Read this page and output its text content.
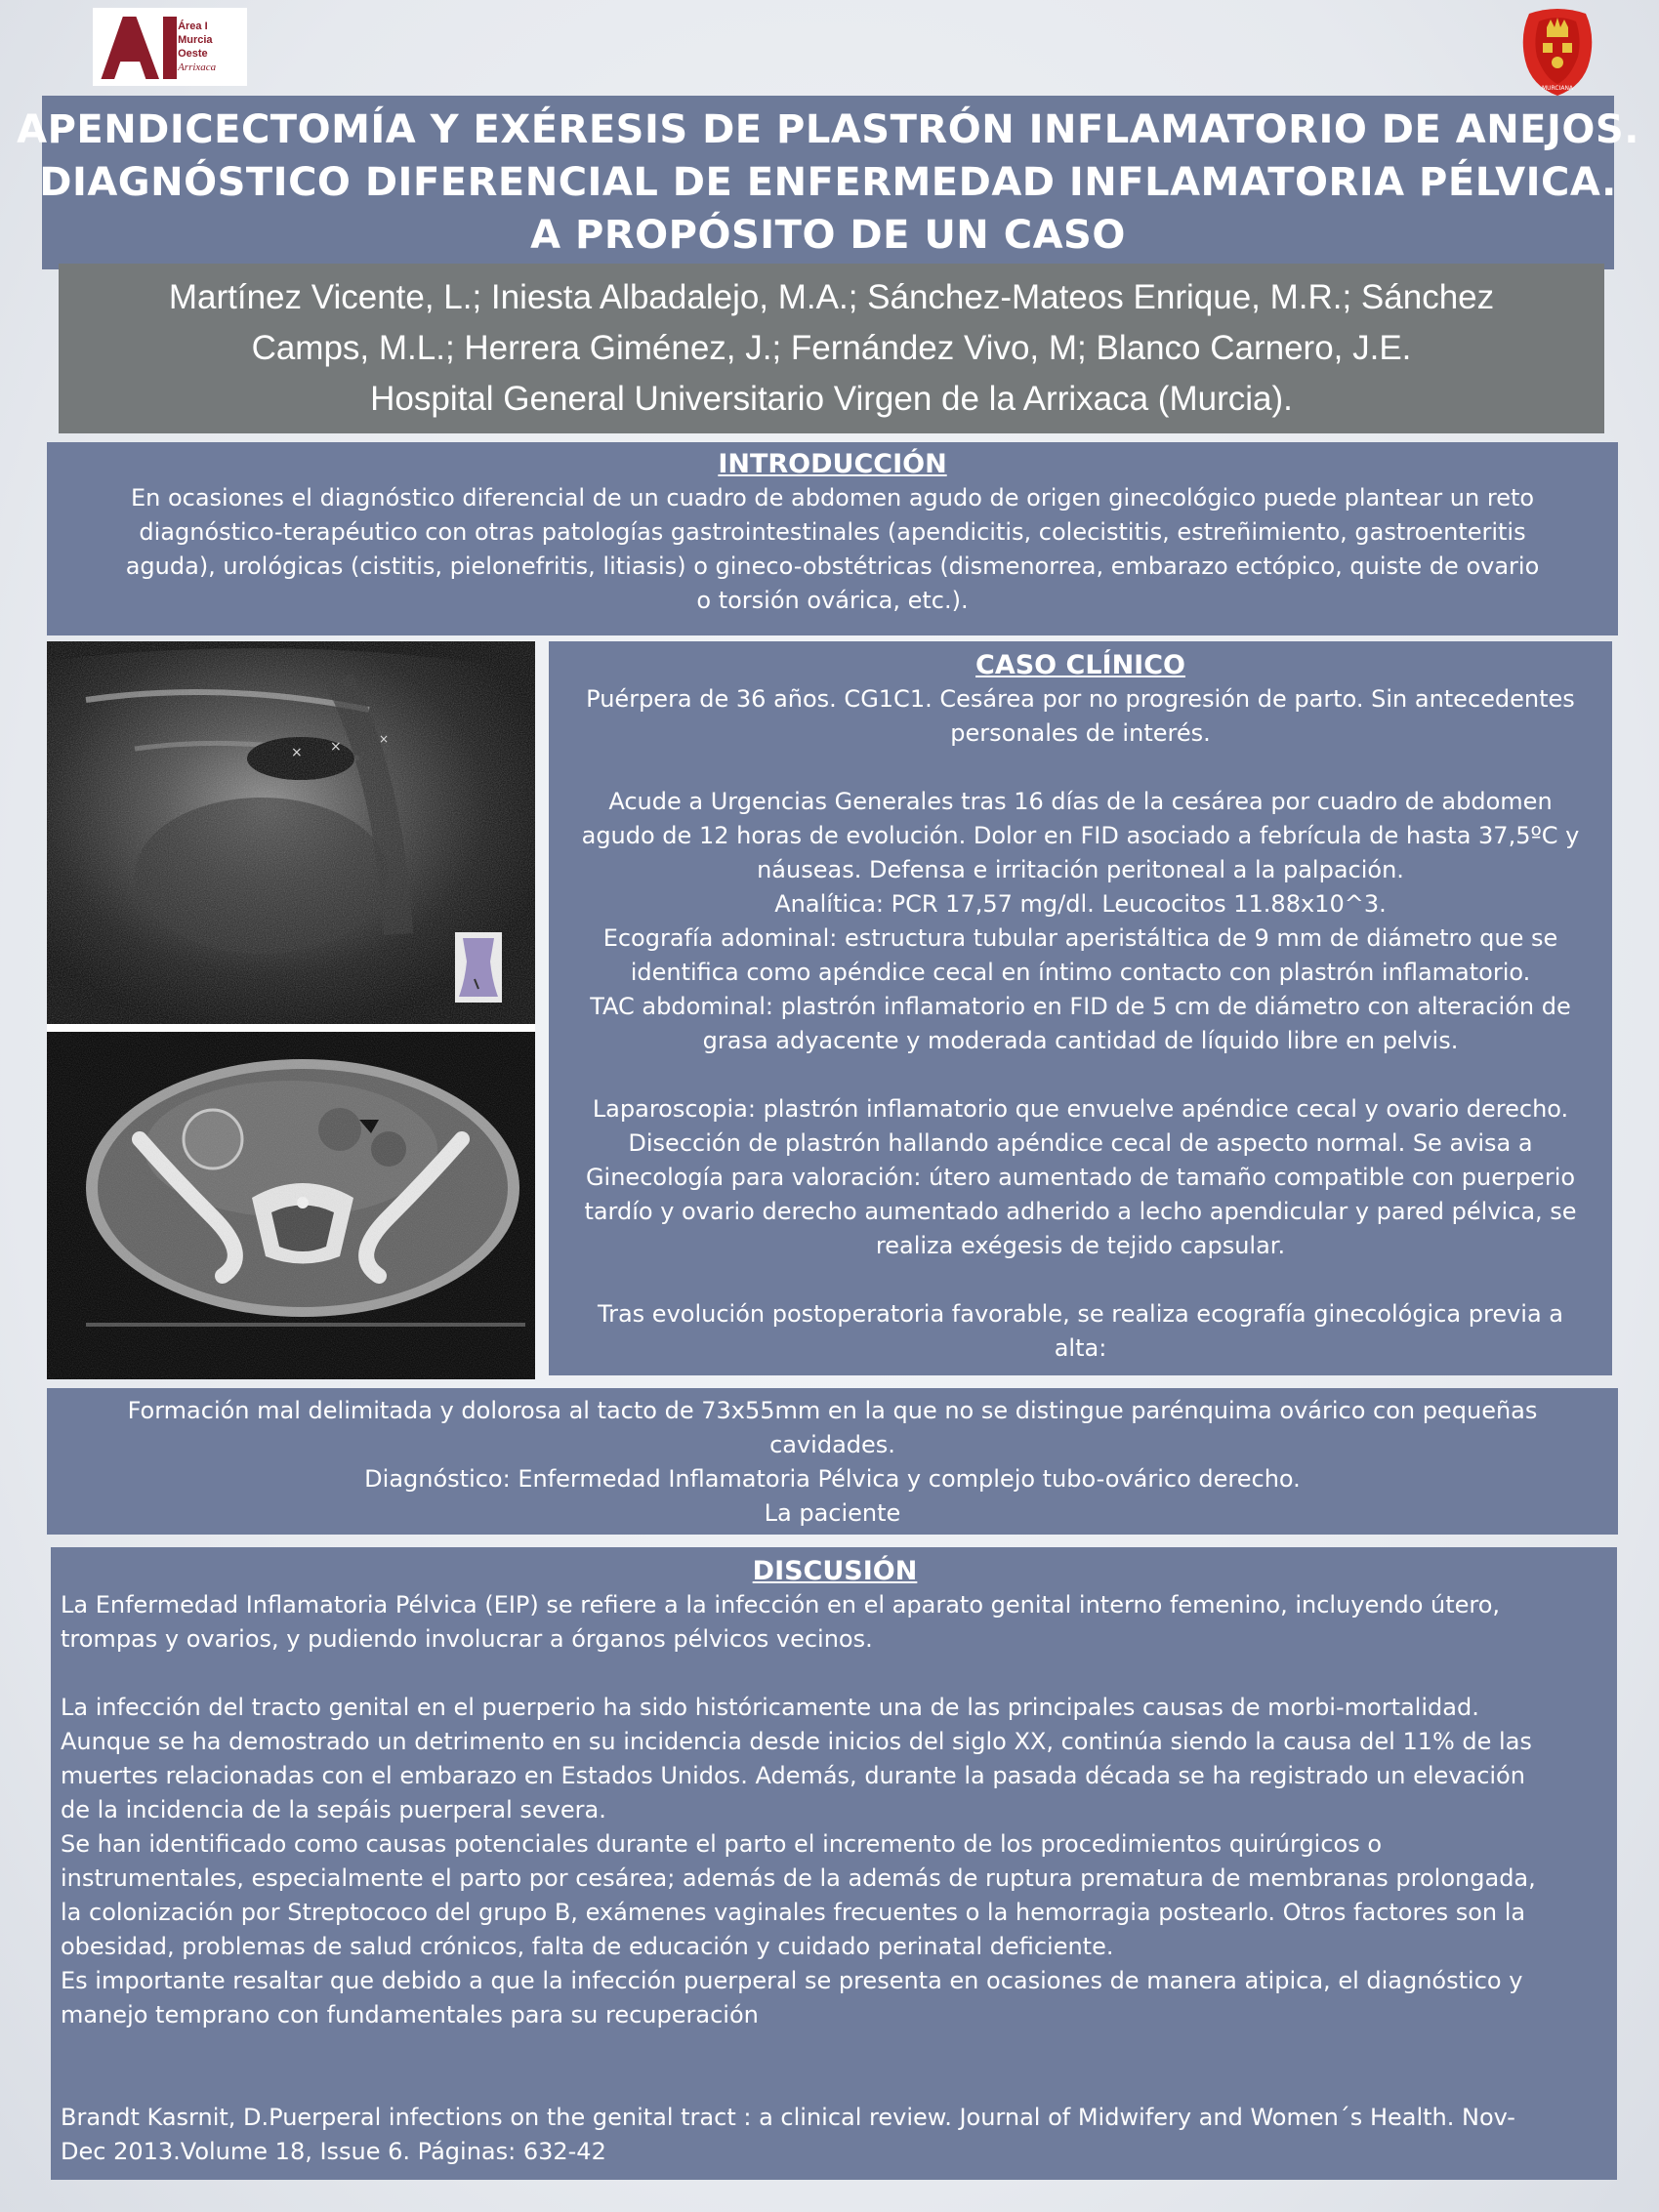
Área I
Murcia Oeste
Arrixaca
MURCIANA
APENDICECTOMÍA Y EXÉRESIS DE PLASTRÓN INFLAMATORIO DE ANEJOS.
DIAGNÓSTICO DIFERENCIAL DE ENFERMEDAD INFLAMATORIA PÉLVICA.
A PROPÓSITO DE UN CASO
Martínez Vicente, L.; Iniesta Albadalejo, M.A.; Sánchez-Mateos Enrique, M.R.; Sánchez
Camps, M.L.; Herrera Giménez, J.; Fernández Vivo, M; Blanco Carnero, J.E.
Hospital General Universitario Virgen de la Arrixaca (Murcia).
INTRODUCCIÓN
En ocasiones el diagnóstico diferencial de un cuadro de abdomen agudo de origen ginecológico puede plantear un reto
diagnóstico-terapéutico con otras patologías gastrointestinales (apendicitis, colecistitis, estreñimiento, gastroenteritis
aguda), urológicas (cistitis, pielonefritis, litiasis) o gineco-obstétricas (dismenorrea, embarazo ectópico, quiste de ovario
o torsión ovárica, etc.).
CASO CLÍNICO
Puérpera de 36 años. CG1C1. Cesárea por no progresión de parto. Sin antecedentes
personales de interés.
Acude a Urgencias Generales tras 16 días de la cesárea por cuadro de abdomen
agudo de 12 horas de evolución. Dolor en FID asociado a febrícula de hasta 37,5ºC y
náuseas. Defensa e irritación peritoneal a la palpación.
Analítica: PCR 17,57 mg/dl. Leucocitos 11.88x10^3.
Ecografía adominal: estructura tubular aperistáltica de 9 mm de diámetro que se
identifica como apéndice cecal en íntimo contacto con plastrón inflamatorio.
TAC abdominal: plastrón inflamatorio en FID de 5 cm de diámetro con alteración de
grasa adyacente y moderada cantidad de líquido libre en pelvis.
Laparoscopia: plastrón inflamatorio que envuelve apéndice cecal y ovario derecho.
Disección de plastrón hallando apéndice cecal de aspecto normal. Se avisa a
Ginecología para valoración: útero aumentado de tamaño compatible con puerperio
tardío y ovario derecho aumentado adherido a lecho apendicular y pared pélvica, se
realiza exégesis de tejido capsular.
Tras evolución postoperatoria favorable, se realiza ecografía ginecológica previa a
alta:
Formación mal delimitada y dolorosa al tacto de 73x55mm en la que no se distingue parénquima ovárico con pequeñas
cavidades.
Diagnóstico: Enfermedad Inflamatoria Pélvica y complejo tubo-ovárico derecho.
La paciente
DISCUSIÓN
La Enfermedad Inflamatoria Pélvica (EIP) se refiere a la infección en el aparato genital interno femenino, incluyendo útero,
trompas y ovarios, y pudiendo involucrar a órganos pélvicos vecinos.
La infección del tracto genital en el puerperio ha sido históricamente una de las principales causas de morbi-mortalidad.
Aunque se ha demostrado un detrimento en su incidencia desde inicios del siglo XX, continúa siendo la causa del 11% de las
muertes relacionadas con el embarazo en Estados Unidos. Además, durante la pasada década se ha registrado un elevación
de la incidencia de la sepáis puerperal severa.
Se han identificado como causas potenciales durante el parto el incremento de los procedimientos quirúrgicos o
instrumentales, especialmente el parto por cesárea; además de la además de ruptura prematura de membranas prolongada,
la colonización por Streptococo del grupo B, exámenes vaginales frecuentes o la hemorragia postearlo. Otros factores son la
obesidad, problemas de salud crónicos, falta de educación y cuidado perinatal deficiente.
Es importante resaltar que debido a que la infección puerperal se presenta en ocasiones de manera atipica, el diagnóstico y
manejo temprano con fundamentales para su recuperación
Brandt Kasrnit, D.Puerperal infections on the genital tract : a clinical review. Journal of Midwifery and Women´s Health. Nov-
Dec 2013.Volume 18, Issue 6. Páginas: 632-42
